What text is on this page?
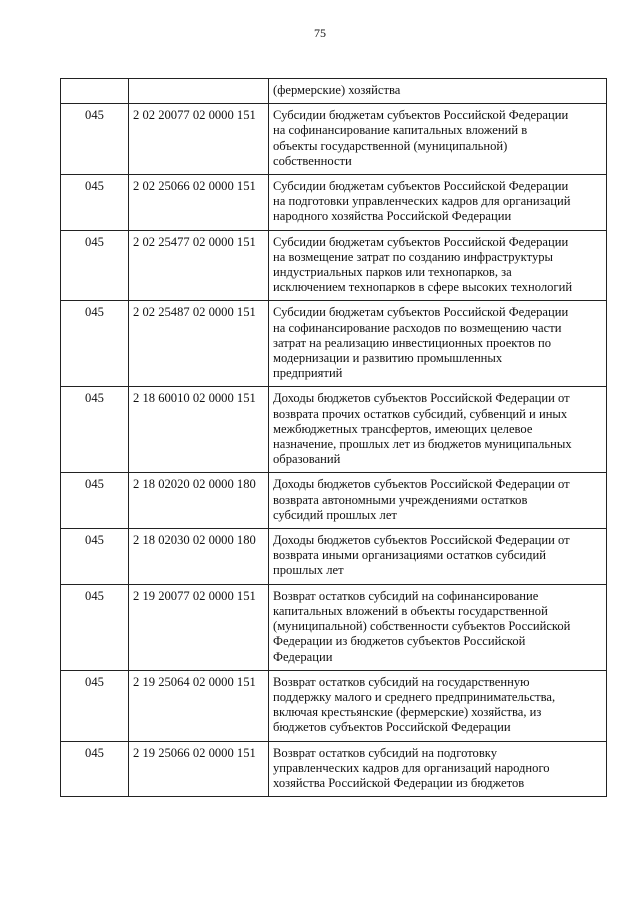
75

		(фермерские) хозяйства

045	2 02 20077 02 0000 151	Субсидии бюджетам субъектов Российской Федерации
на софинансирование капитальных вложений в
объекты государственной (муниципальной)
собственности

045	2 02 25066 02 0000 151	Субсидии бюджетам субъектов Российской Федерации
на подготовки управленческих кадров для организаций
народного хозяйства Российской Федерации

045	2 02 25477 02 0000 151	Субсидии бюджетам субъектов Российской Федерации
на возмещение затрат по созданию инфраструктуры
индустриальных парков или технопарков, за
исключением технопарков в сфере высоких технологий

045	2 02 25487 02 0000 151	Субсидии бюджетам субъектов Российской Федерации
на софинансирование расходов по возмещению части
затрат на реализацию инвестиционных проектов по
модернизации и развитию промышленных
предприятий

045	2 18 60010 02 0000 151	Доходы бюджетов субъектов Российской Федерации от
возврата прочих остатков субсидий, субвенций и иных
межбюджетных трансфертов, имеющих целевое
назначение, прошлых лет из бюджетов муниципальных
образований

045	2 18 02020 02 0000 180	Доходы бюджетов субъектов Российской Федерации от
возврата автономными учреждениями остатков
субсидий прошлых лет

045	2 18 02030 02 0000 180	Доходы бюджетов субъектов Российской Федерации от
возврата иными организациями остатков субсидий
прошлых лет

045	2 19 20077 02 0000 151	Возврат остатков субсидий на софинансирование
капитальных вложений в объекты государственной
(муниципальной) собственности субъектов Российской
Федерации из бюджетов субъектов Российской
Федерации

045	2 19 25064 02 0000 151	Возврат остатков субсидий на государственную
поддержку малого и среднего предпринимательства,
включая крестьянские (фермерские) хозяйства, из
бюджетов субъектов Российской Федерации

045	2 19 25066 02 0000 151	Возврат остатков субсидий на подготовку
управленческих кадров для организаций народного
хозяйства Российской Федерации из бюджетов
